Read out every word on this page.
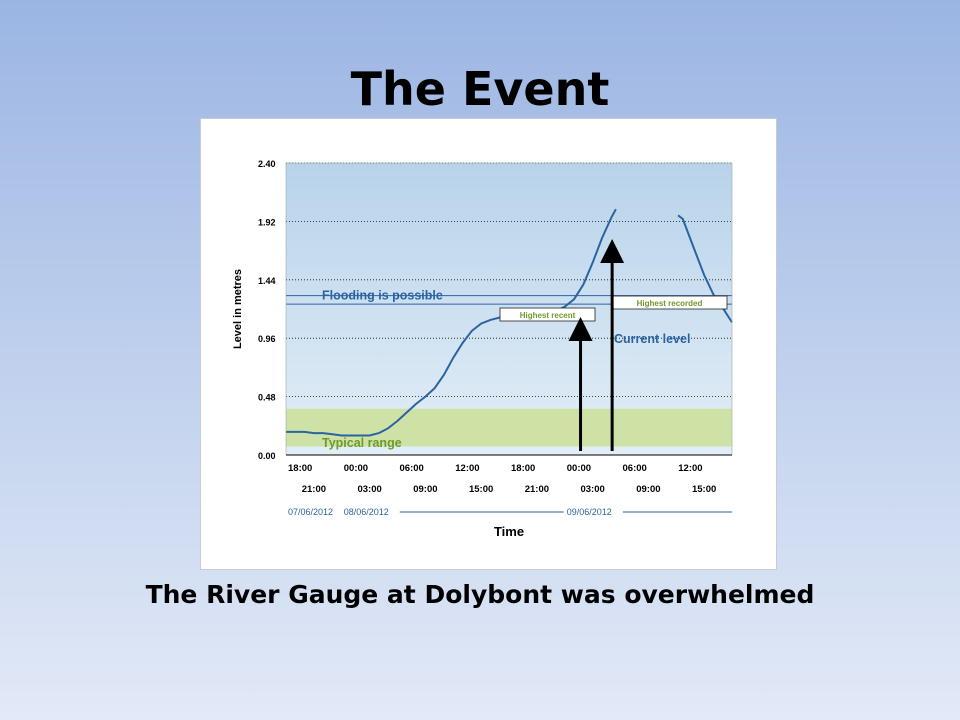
The Event
Flooding is possible
Typical range
Current level
Highest recent
Highest recorded
0.00
0.48
0.96
1.44
1.92
2.40
18:00	00:00	06:00	12:00	18:00	00:00	06:00	12:00
21:00	03:00	09:00	15:00	21:00	03:00	09:00	15:00
07/06/2012 08/06/2012	09/06/2012
Time
Level in metres
The River Gauge at Dolybont was overwhelmed
